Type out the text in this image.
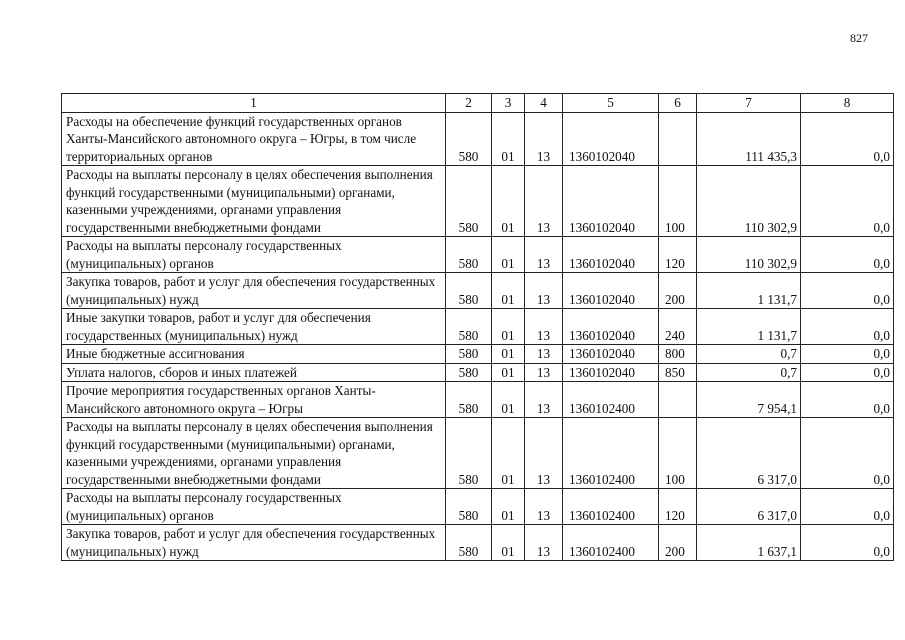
827
1	2	3	4	5	6	7	8
Расходы на обеспечение функций государственных органов Ханты-Мансийского автономного округа – Югры, в том числе территориальных органов	580	01	13	1360102040		111 435,3	0,0
Расходы на выплаты персоналу в целях обеспечения выполнения функций государственными (муниципальными) органами, казенными учреждениями, органами управления государственными внебюджетными фондами	580	01	13	1360102040	100	110 302,9	0,0
Расходы на выплаты персоналу государственных (муниципальных) органов	580	01	13	1360102040	120	110 302,9	0,0
Закупка товаров, работ и услуг для обеспечения государственных (муниципальных) нужд	580	01	13	1360102040	200	1 131,7	0,0
Иные закупки товаров, работ и услуг для обеспечения государственных (муниципальных) нужд	580	01	13	1360102040	240	1 131,7	0,0
Иные бюджетные ассигнования	580	01	13	1360102040	800	0,7	0,0
Уплата налогов, сборов и иных платежей	580	01	13	1360102040	850	0,7	0,0
Прочие мероприятия государственных органов Ханты-Мансийского автономного округа – Югры	580	01	13	1360102400		7 954,1	0,0
Расходы на выплаты персоналу в целях обеспечения выполнения функций государственными (муниципальными) органами, казенными учреждениями, органами управления государственными внебюджетными фондами	580	01	13	1360102400	100	6 317,0	0,0
Расходы на выплаты персоналу государственных (муниципальных) органов	580	01	13	1360102400	120	6 317,0	0,0
Закупка товаров, работ и услуг для обеспечения государственных (муниципальных) нужд	580	01	13	1360102400	200	1 637,1	0,0
